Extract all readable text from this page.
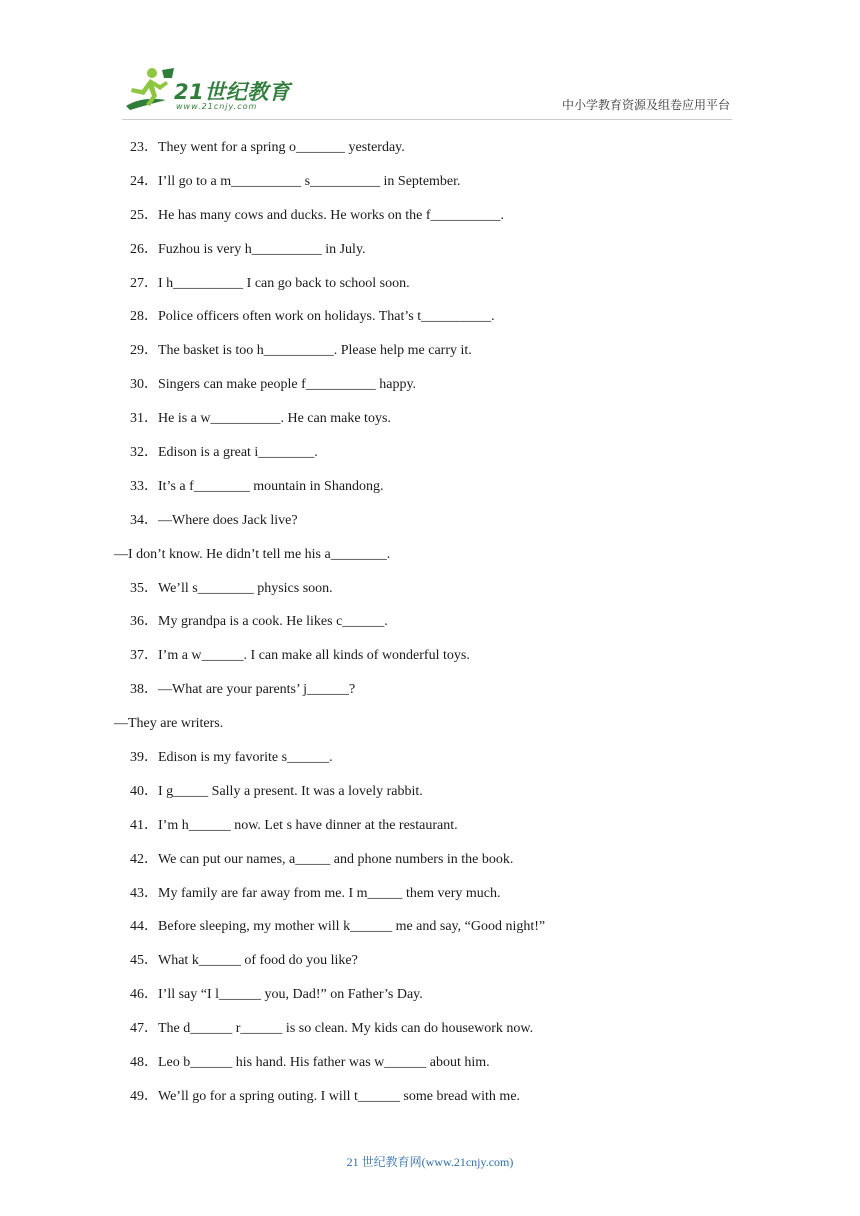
21世纪教育
www.21cnjy.com	中小学教育资源及组卷应用平台
23．They went for a spring o_______ yesterday.
24．I’ll go to a m__________ s__________ in September.
25．He has many cows and ducks. He works on the f__________.
26．Fuzhou is very h__________ in July.
27．I h__________ I can go back to school soon.
28．Police officers often work on holidays. That’s t__________.
29．The basket is too h__________. Please help me carry it.
30．Singers can make people f__________ happy.
31．He is a w__________. He can make toys.
32．Edison is a great i________.
33．It’s a f________ mountain in Shandong.
34．—Where does Jack live?
—I don’t know. He didn’t tell me his a________.
35．We’ll s________ physics soon.
36．My grandpa is a cook. He likes c______.
37．I’m a w______. I can make all kinds of wonderful toys.
38．—What are your parents’ j______?
—They are writers.
39．Edison is my favorite s______.
40．I g_____ Sally a present. It was a lovely rabbit.
41．I’m h______ now. Let s have dinner at the restaurant.
42．We can put our names, a_____ and phone numbers in the book.
43．My family are far away from me. I m_____ them very much.
44．Before sleeping, my mother will k______ me and say, “Good night!”
45．What k______ of food do you like?
46．I’ll say “I l______ you, Dad!” on Father’s Day.
47．The d______ r______ is so clean. My kids can do housework now.
48．Leo b______ his hand. His father was w______ about him.
49．We’ll go for a spring outing. I will t______ some bread with me.
21 世纪教育网(www.21cnjy.com)
